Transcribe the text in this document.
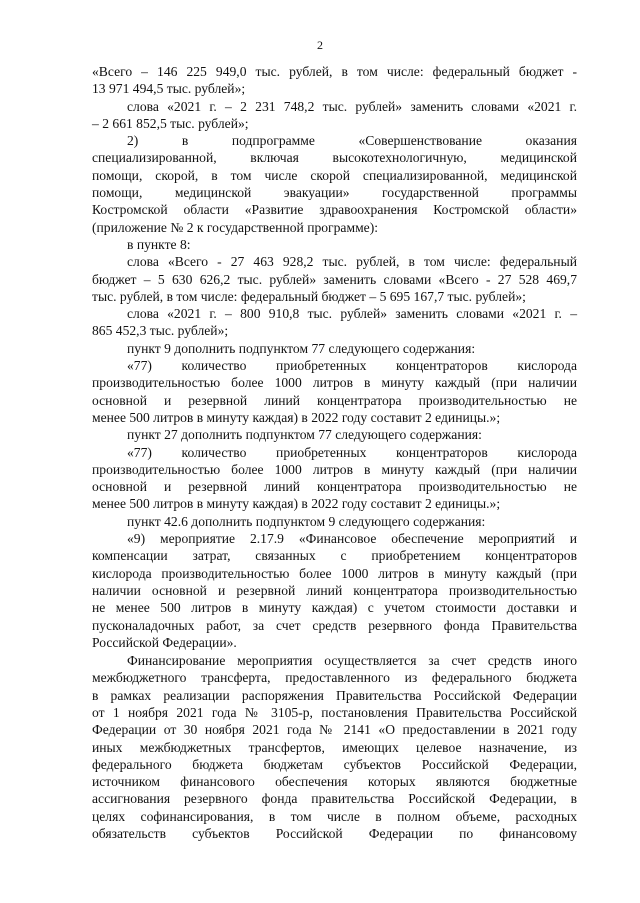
2
«Всего – 146 225 949,0 тыс. рублей, в том числе: федеральный бюджет -
13 971 494,5 тыс. рублей»;
слова «2021 г. – 2 231 748,2 тыс. рублей» заменить словами «2021 г.
– 2 661 852,5 тыс. рублей»;
2) в подпрограмме «Совершенствование оказания
специализированной, включая высокотехнологичную, медицинской
помощи, скорой, в том числе скорой специализированной, медицинской
помощи, медицинской эвакуации» государственной программы
Костромской области «Развитие здравоохранения Костромской области»
(приложение № 2 к государственной программе):
в пункте 8:
слова «Всего - 27 463 928,2 тыс. рублей, в том числе: федеральный
бюджет – 5 630 626,2 тыс. рублей» заменить словами «Всего - 27 528 469,7
тыс. рублей, в том числе: федеральный бюджет – 5 695 167,7 тыс. рублей»;
слова «2021 г. – 800 910,8 тыс. рублей» заменить словами «2021 г. –
865 452,3 тыс. рублей»;
пункт 9 дополнить подпунктом 77 следующего содержания:
«77) количество приобретенных концентраторов кислорода
производительностью более 1000 литров в минуту каждый (при наличии
основной и резервной линий концентратора производительностью не
менее 500 литров в минуту каждая) в 2022 году составит 2 единицы.»;
пункт 27 дополнить подпунктом 77 следующего содержания:
«77) количество приобретенных концентраторов кислорода
производительностью более 1000 литров в минуту каждый (при наличии
основной и резервной линий концентратора производительностью не
менее 500 литров в минуту каждая) в 2022 году составит 2 единицы.»;
пункт 42.6 дополнить подпунктом 9 следующего содержания:
«9) мероприятие 2.17.9 «Финансовое обеспечение мероприятий и
компенсации затрат, связанных с приобретением концентраторов
кислорода производительностью более 1000 литров в минуту каждый (при
наличии основной и резервной линий концентратора производительностью
не менее 500 литров в минуту каждая) с учетом стоимости доставки и
пусконаладочных работ, за счет средств резервного фонда Правительства
Российской Федерации».
Финансирование мероприятия осуществляется за счет средств иного
межбюджетного трансферта, предоставленного из федерального бюджета
в рамках реализации распоряжения Правительства Российской Федерации
от 1 ноября 2021 года № 3105-р, постановления Правительства Российской
Федерации от 30 ноября 2021 года № 2141 «О предоставлении в 2021 году
иных межбюджетных трансфертов, имеющих целевое назначение, из
федерального бюджета бюджетам субъектов Российской Федерации,
источником финансового обеспечения которых являются бюджетные
ассигнования резервного фонда правительства Российской Федерации, в
целях софинансирования, в том числе в полном объеме, расходных
обязательств субъектов Российской Федерации по финансовому
